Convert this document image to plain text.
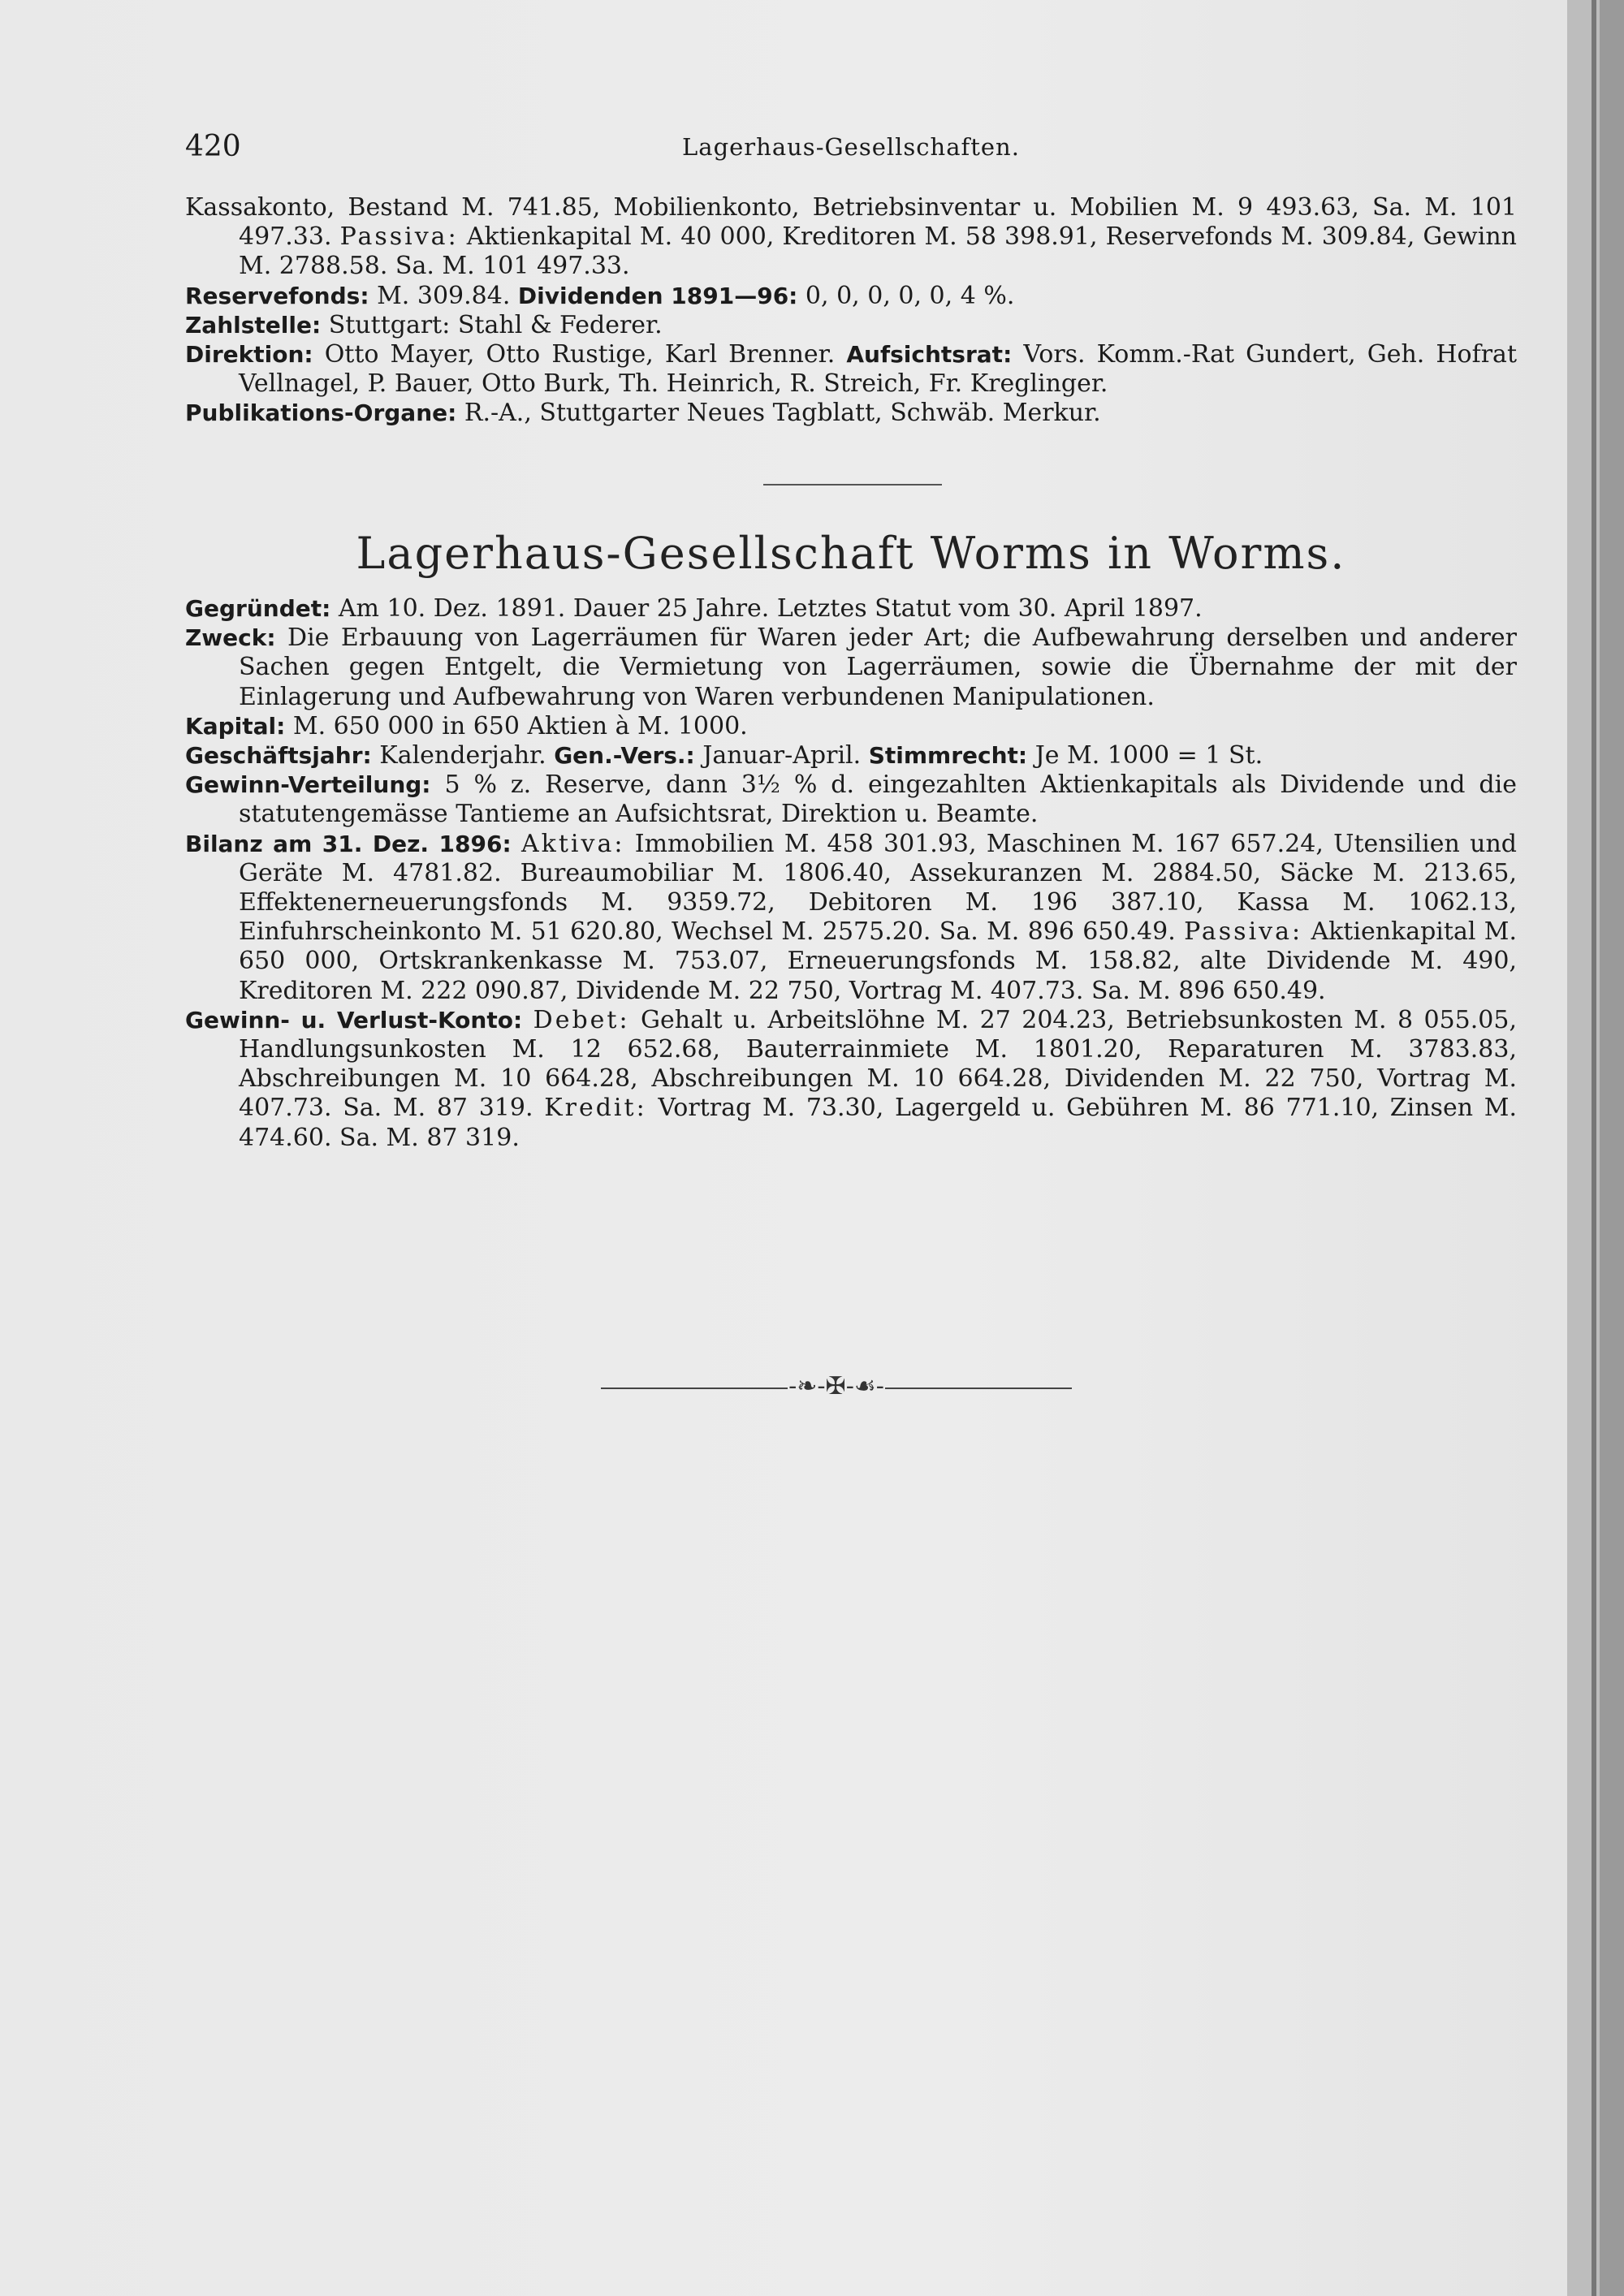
420	Lagerhaus-Gesellschaften.

Kassakonto, Bestand M. 741.85, Mobilienkonto, Betriebsinventar u. Mobilien M. 9 493.63, Sa. M. 101 497.33. Passiva: Aktienkapital M. 40 000, Kreditoren M. 58 398.91, Reservefonds M. 309.84, Gewinn M. 2788.58. Sa. M. 101 497.33.

Reservefonds: M. 309.84. Dividenden 1891—96: 0, 0, 0, 0, 0, 4 %.

Zahlstelle: Stuttgart: Stahl & Federer.

Direktion: Otto Mayer, Otto Rustige, Karl Brenner. Aufsichtsrat: Vors. Komm.-Rat Gundert, Geh. Hofrat Vellnagel, P. Bauer, Otto Burk, Th. Heinrich, R. Streich, Fr. Kreglinger.

Publikations-Organe: R.-A., Stuttgarter Neues Tagblatt, Schwäb. Merkur.

Lagerhaus-Gesellschaft Worms in Worms.

Gegründet: Am 10. Dez. 1891. Dauer 25 Jahre. Letztes Statut vom 30. April 1897.

Zweck: Die Erbauung von Lagerräumen für Waren jeder Art; die Aufbewahrung derselben und anderer Sachen gegen Entgelt, die Vermietung von Lagerräumen, sowie die Übernahme der mit der Einlagerung und Aufbewahrung von Waren verbundenen Manipulationen.

Kapital: M. 650 000 in 650 Aktien à M. 1000.

Geschäftsjahr: Kalenderjahr. Gen.-Vers.: Januar-April. Stimmrecht: Je M. 1000 = 1 St.

Gewinn-Verteilung: 5 % z. Reserve, dann 3½ % d. eingezahlten Aktienkapitals als Dividende und die statutengemässe Tantieme an Aufsichtsrat, Direktion u. Beamte.

Bilanz am 31. Dez. 1896: Aktiva: Immobilien M. 458 301.93, Maschinen M. 167 657.24, Utensilien und Geräte M. 4781.82. Bureaumobiliar M. 1806.40, Assekuranzen M. 2884.50, Säcke M. 213.65, Effektenerneuerungsfonds M. 9359.72, Debitoren M. 196 387.10, Kassa M. 1062.13, Einfuhrscheinkonto M. 51 620.80, Wechsel M. 2575.20. Sa. M. 896 650.49. Passiva: Aktienkapital M. 650 000, Ortskrankenkasse M. 753.07, Erneuerungsfonds M. 158.82, alte Dividende M. 490, Kreditoren M. 222 090.87, Dividende M. 22 750, Vortrag M. 407.73. Sa. M. 896 650.49.

Gewinn- u. Verlust-Konto: Debet: Gehalt u. Arbeitslöhne M. 27 204.23, Betriebsunkosten M. 8 055.05, Handlungsunkosten M. 12 652.68, Bauterrainmiete M. 1801.20, Reparaturen M. 3783.83, Abschreibungen M. 10 664.28, Abschreibungen M. 10 664.28, Dividenden M. 22 750, Vortrag M. 407.73. Sa. M. 87 319. Kredit: Vortrag M. 73.30, Lagergeld u. Gebühren M. 86 771.10, Zinsen M. 474.60. Sa. M. 87 319.

-❧-✠-☙-
